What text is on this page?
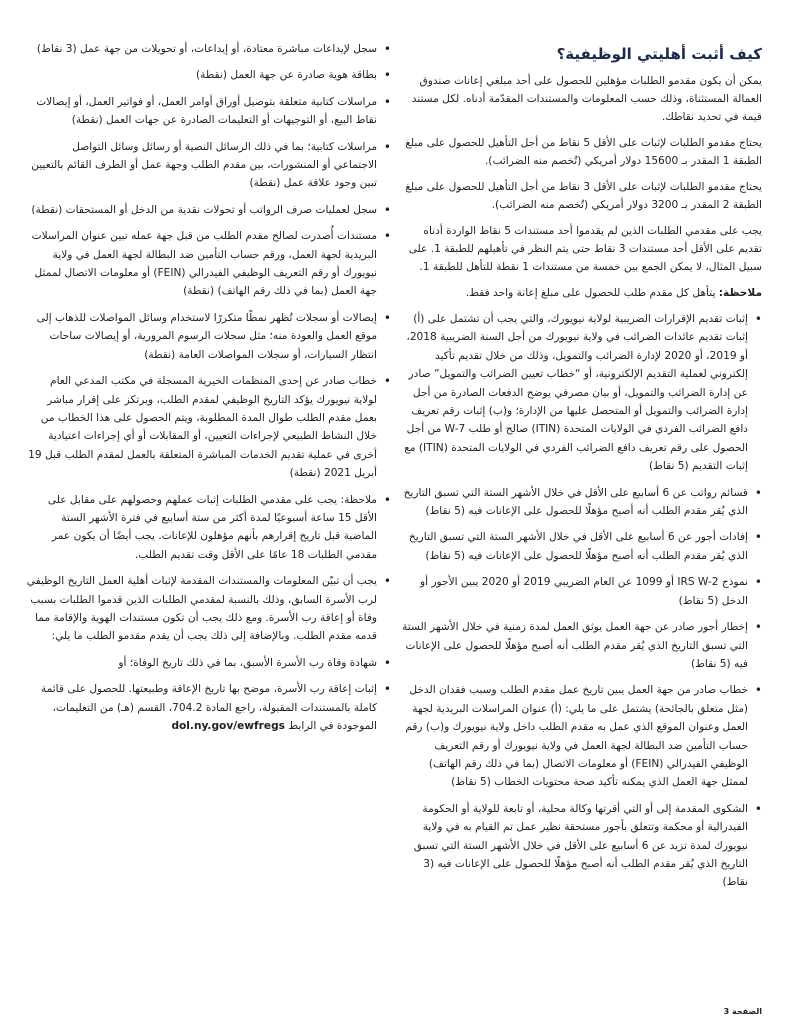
كيف أثبت أهليتي الوظيفية؟

يمكن أن يكون مقدمو الطلبات مؤهلين للحصول على أحد مبلغي إعانات صندوق العمالة المستثناة، وذلك حسب المعلومات والمستندات المقدّمة أدناه. لكل مستند قيمة في تحديد نقاطك.

يحتاج مقدمو الطلبات لإثبات على الأقل 5 نقاط من أجل التأهيل للحصول على مبلغ الطبقة 1 المقدر بـ 15600 دولار أمريكي (تُخصم منه الضرائب).

يحتاج مقدمو الطلبات لإثبات على الأقل 3 نقاط من أجل التأهيل للحصول على مبلغ الطبقة 2 المقدر بـ 3200 دولار أمريكي (تُخصم منه الضرائب).

يجب على مقدمي الطلبات الذين لم يقدموا أحد مستندات 5 نقاط الواردة أدناه تقديم على الأقل أحد مستندات 3 نقاط حتى يتم النظر في تأهيلهم للطبقة 1. على سبيل المثال، لا يمكن الجمع بين خمسة من مستندات 1 نقطة للتأهل للطبقة 1.

ملاحظة: يتأهل كل مقدم طلب للحصول على مبلغ إعانة واحد فقط.

• إثبات تقديم الإقرارات الضريبية لولاية نيويورك، والتي يجب أن تشتمل على (أ) إثبات تقديم عائدات الضرائب في ولاية نيويورك من أجل السنة الضريبية 2018، أو 2019، أو 2020 لإدارة الضرائب والتمويل، وذلك من خلال تقديم تأكيد إلكتروني لعملية التقديم الإلكترونية، أو “خطاب تعيين الضرائب والتمويل” صادر عن إدارة الضرائب والتمويل، أو بيان مصرفي يوضح الدفعات الصادرة من أجل إدارة الضرائب والتمويل أو المتحصل عليها من الإدارة؛ و(ب) إثبات رقم تعريف دافع الضرائب الفردي في الولايات المتحدة (ITIN) صالح أو طلب W-7 من أجل الحصول على رقم تعريف دافع الضرائب الفردي في الولايات المتحدة (ITIN) مع إثبات التقديم (5 نقاط)
• قسائم رواتب عن 6 أسابيع على الأقل في خلال الأشهر الستة التي تسبق التاريخ الذي يُقر مقدم الطلب أنه أصبح مؤهلًا للحصول على الإعانات فيه (5 نقاط)
• إفادات أجور عن 6 أسابيع على الأقل في خلال الأشهر الستة التي تسبق التاريخ الذي يُقر مقدم الطلب أنه أصبح مؤهلًا للحصول على الإعانات فيه (5 نقاط)
• نموذج IRS W-2 أو 1099 عن العام الضريبي 2019 أو 2020 يبين الأجور أو الدخل (5 نقاط)
• إخطار أجور صادر عن جهة العمل يوثق العمل لمدة زمنية في خلال الأشهر الستة التي تسبق التاريخ الذي يُقر مقدم الطلب أنه أصبح مؤهلًا للحصول على الإعانات فيه (5 نقاط)
• خطاب صادر من جهة العمل يبين تاريخ عمل مقدم الطلب وسبب فقدان الدخل (مثل متعلق بالجائحة) يشتمل على ما يلي: (أ) عنوان المراسلات البريدية لجهة العمل وعنوان الموقع الذي عمل به مقدم الطلب داخل ولاية نيويورك و(ب) رقم حساب التأمين ضد البطالة لجهة العمل في ولاية نيويورك أو رقم التعريف الوظيفي الفيدرالي (FEIN) أو معلومات الاتصال (بما في ذلك رقم الهاتف) لممثل جهة العمل الذي يمكنه تأكيد صحة محتويات الخطاب (5 نقاط)
• الشكوى المقدمة إلى أو التي أقرتها وكالة محلية، أو تابعة للولاية أو الحكومة الفيدرالية أو محكمة وتتعلق بأجور مستحقة نظير عمل تم القيام به في ولاية نيويورك لمدة تزيد عن 6 أسابيع على الأقل في خلال الأشهر الستة التي تسبق التاريخ الذي يُقر مقدم الطلب أنه أصبح مؤهلًا للحصول على الإعانات فيه (3 نقاط)
• سجل لإيداعات مباشرة معتادة، أو إيداعات، أو تحويلات من جهة عمل (3 نقاط)
• بطاقة هوية صادرة عن جهة العمل (نقطة)
• مراسلات كتابية متعلقة بتوصيل أوراق أوامر العمل، أو فواتير العمل، أو إيصالات نقاط البيع، أو التوجيهات أو التعليمات الصادرة عن جهات العمل (نقطة)
• مراسلات كتابية؛ بما في ذلك الرسائل النصية أو رسائل وسائل التواصل الاجتماعي أو المنشورات، بين مقدم الطلب وجهة عمل أو الطرف القائم بالتعيين تبين وجود علاقة عمل (نقطة)
• سجل لعمليات صرف الرواتب أو تحولات نقدية من الدخل أو المستحقات (نقطة)
• مستندات أُصدرت لصالح مقدم الطلب من قبل جهة عمله تبين عنوان المراسلات البريدية لجهة العمل، ورقم حساب التأمين ضد البطالة لجهة العمل في ولاية نيويورك أو رقم التعريف الوظيفي الفيدرالي (FEIN) أو معلومات الاتصال لممثل جهة العمل (بما في ذلك رقم الهاتف) (نقطة)
• إيصالات أو سجلات تُظهر نمطًا متكررًا لاستخدام وسائل المواصلات للذهاب إلى موقع العمل والعودة منه؛ مثل سجلات الرسوم المرورية، أو إيصالات ساحات انتظار السيارات، أو سجلات المواصلات العامة (نقطة)
• خطاب صادر عن إحدى المنظمات الخيرية المسجلة في مكتب المدعي العام لولاية نيويورك يؤكد التاريخ الوظيفي لمقدم الطلب، ويرتكز على إقرار مباشر بعمل مقدم الطلب طوال المدة المطلوبة، ويتم الحصول على هذا الخطاب من خلال النشاط الطبيعي لإجراءات التعيين، أو المقابلات أو أي إجراءات اعتيادية أخرى في عملية تقديم الخدمات المباشرة المتعلقة بالعمل لمقدم الطلب قبل 19 أبريل 2021 (نقطة)
• ملاحظة: يجب على مقدمي الطلبات إثبات عملهم وحصولهم على مقابل على الأقل 15 ساعة أسبوعيًا لمدة أكثر من ستة أسابيع في فترة الأشهر الستة الماضية قبل تاريخ إقرارهم بأنهم مؤهلون للإعانات. يجب أيضًا أن يكون عمر مقدمي الطلبات 18 عامًا على الأقل وقت تقديم الطلب.
• يجب أن تبيّن المعلومات والمستندات المقدمة لإثبات أهلية العمل التاريخ الوظيفي لرب الأسرة السابق، وذلك بالنسبة لمقدمي الطلبات الذين قدموا الطلبات بسبب وفاة أو إعاقة رب الأسرة. ومع ذلك يجب أن تكون مستندات الهوية والإقامة مما قدمه مقدم الطلب. وبالإضافة إلى ذلك يجب أن يقدم مقدمو الطلب ما يلي:
• شهادة وفاة رب الأسرة الأسبق، بما في ذلك تاريخ الوفاة؛ أو
• إثبات إعاقة رب الأسرة، موضح بها تاريخ الإعاقة وطبيعتها. للحصول على قائمة كاملة بالمستندات المقبولة، راجع المادة 704.2، القسم (هـ) من التعليمات، الموجودة في الرابط dol.ny.gov/ewfregs
الصفحة 3
